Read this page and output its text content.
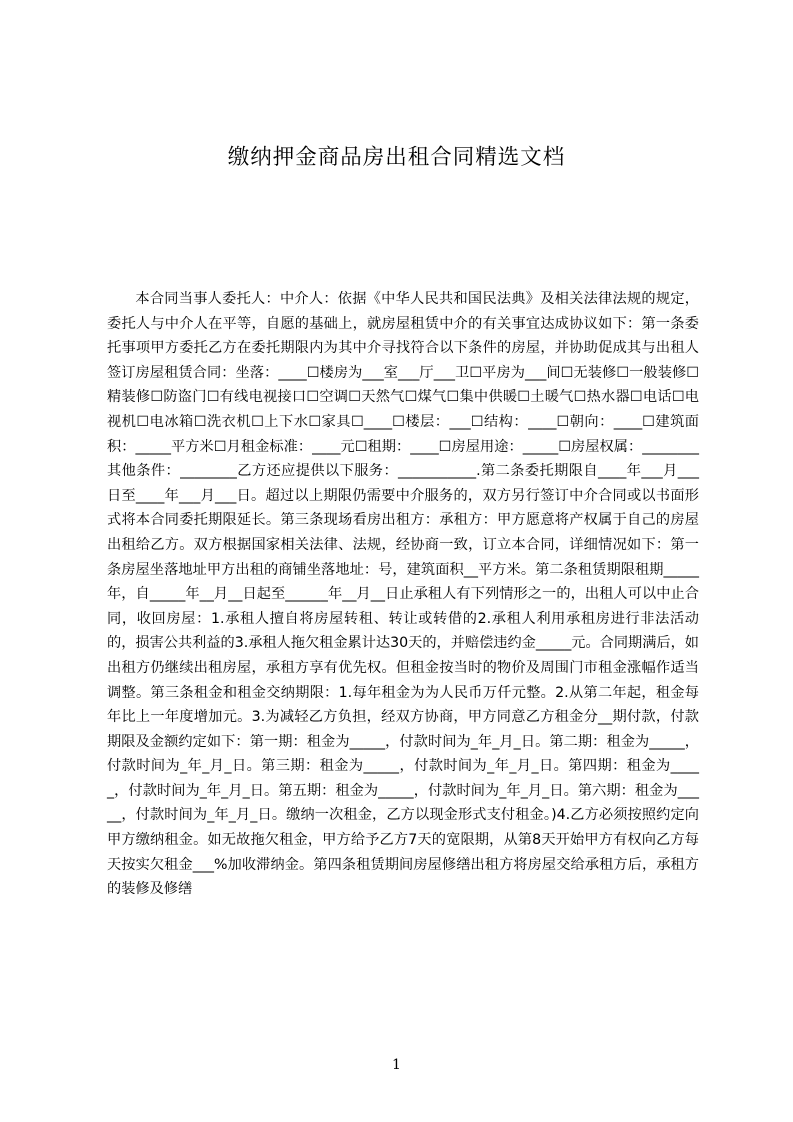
缴纳押金商品房出租合同精选文档

本合同当事人委托人：中介人：依据《中华人民共和国民法典》及相关法律法规的规定，委托人与中介人在平等，自愿的基础上，就房屋租赁中介的有关事宜达成协议如下：第一条委托事项甲方委托乙方在委托期限内为其中介寻找符合以下条件的房屋，并协助促成其与出租人签订房屋租赁合同：坐落：____☐楼房为___室___厅___卫☐平房为___间☐无装修☐一般装修☐精装修☐防盗门☐有线电视接口☐空调☐天然气☐煤气☐集中供暖☐土暖气☐热水器☐电话☐电视机☐电冰箱☐洗衣机☐上下水☐家具☐____☐楼层：___☐结构：____☐朝向：____☐建筑面积：_____平方米☐月租金标准：____元☐租期：____☐房屋用途：_____☐房屋权属：________其他条件：________乙方还应提供以下服务：___________.第二条委托期限自____年___月___日至____年___月___日。超过以上期限仍需要中介服务的，双方另行签订中介合同或以书面形式将本合同委托期限延长。第三条现场看房出租方：承租方：甲方愿意将产权属于自己的房屋出租给乙方。双方根据国家相关法律、法规，经协商一致，订立本合同，详细情况如下：第一条房屋坐落地址甲方出租的商铺坐落地址：号，建筑面积__平方米。第二条租赁期限租期_____年，自_____年__月__日起至______年__月__日止承租人有下列情形之一的，出租人可以中止合同，收回房屋：1.承租人擅自将房屋转租、转让或转借的2.承租人利用承租房进行非法活动的，损害公共利益的3.承租人拖欠租金累计达30天的，并赔偿违约金_____元。合同期满后，如出租方仍继续出租房屋，承租方享有优先权。但租金按当时的物价及周围门市租金涨幅作适当调整。第三条租金和租金交纳期限：1.每年租金为为人民币万仟元整。2.从第二年起，租金每年比上一年度增加元。3.为减轻乙方负担，经双方协商，甲方同意乙方租金分__期付款，付款期限及金额约定如下：第一期：租金为_____，付款时间为_年_月_日。第二期：租金为_____，付款时间为_年_月_日。第三期：租金为_____，付款时间为_年_月_日。第四期：租金为_____，付款时间为_年_月_日。第五期：租金为_____，付款时间为_年_月_日。第六期：租金为_____，付款时间为_年_月_日。缴纳一次租金，乙方以现金形式支付租金。)4.乙方必须按照约定向甲方缴纳租金。如无故拖欠租金，甲方给予乙方7天的宽限期，从第8天开始甲方有权向乙方每天按实欠租金___%加收滞纳金。第四条租赁期间房屋修缮出租方将房屋交给承租方后，承租方的装修及修缮

1
